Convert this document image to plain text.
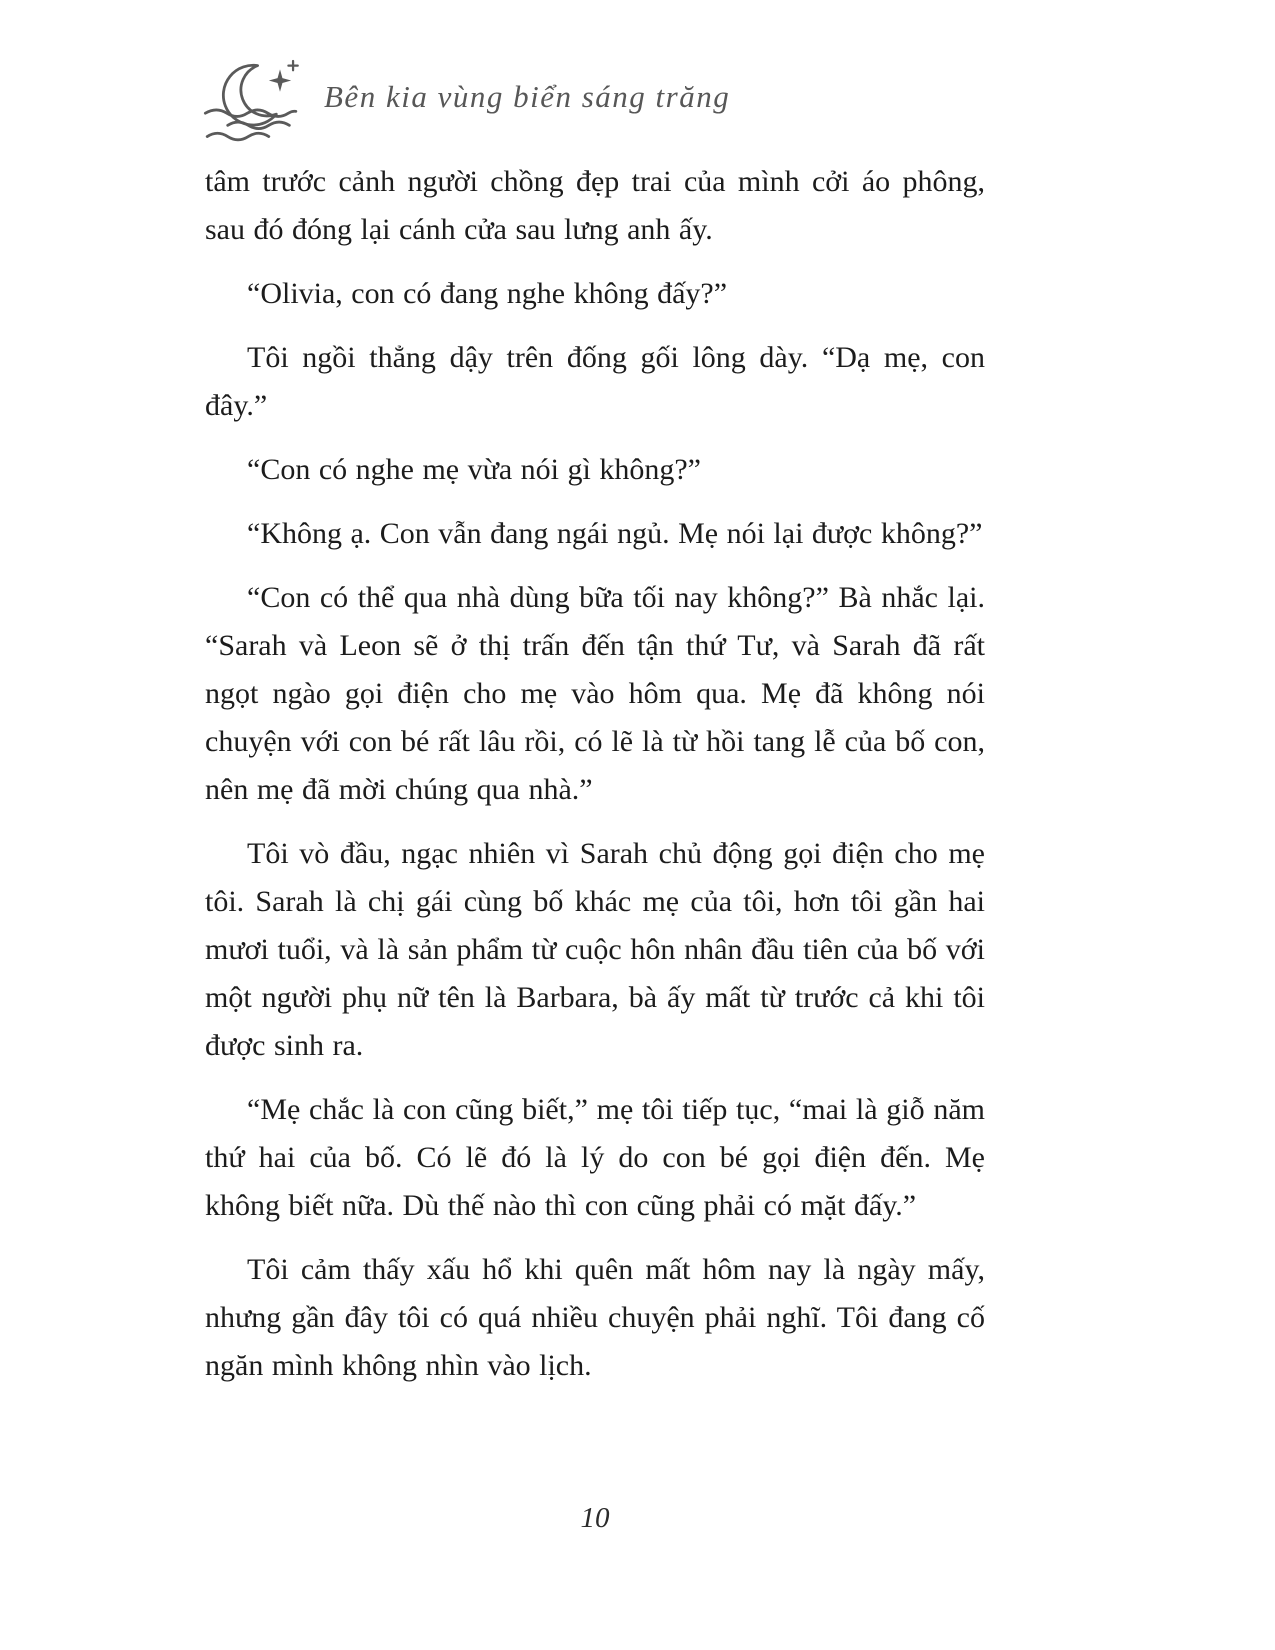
Bên kia vùng biển sáng trăng

tâm trước cảnh người chồng đẹp trai của mình cởi áo phông, sau đó đóng lại cánh cửa sau lưng anh ấy.

“Olivia, con có đang nghe không đấy?”

Tôi ngồi thẳng dậy trên đống gối lông dày. “Dạ mẹ, con đây.”

“Con có nghe mẹ vừa nói gì không?”

“Không ạ. Con vẫn đang ngái ngủ. Mẹ nói lại được không?”

“Con có thể qua nhà dùng bữa tối nay không?” Bà nhắc lại. “Sarah và Leon sẽ ở thị trấn đến tận thứ Tư, và Sarah đã rất ngọt ngào gọi điện cho mẹ vào hôm qua. Mẹ đã không nói chuyện với con bé rất lâu rồi, có lẽ là từ hồi tang lễ của bố con, nên mẹ đã mời chúng qua nhà.”

Tôi vò đầu, ngạc nhiên vì Sarah chủ động gọi điện cho mẹ tôi. Sarah là chị gái cùng bố khác mẹ của tôi, hơn tôi gần hai mươi tuổi, và là sản phẩm từ cuộc hôn nhân đầu tiên của bố với một người phụ nữ tên là Barbara, bà ấy mất từ trước cả khi tôi được sinh ra.

“Mẹ chắc là con cũng biết,” mẹ tôi tiếp tục, “mai là giỗ năm thứ hai của bố. Có lẽ đó là lý do con bé gọi điện đến. Mẹ không biết nữa. Dù thế nào thì con cũng phải có mặt đấy.”

Tôi cảm thấy xấu hổ khi quên mất hôm nay là ngày mấy, nhưng gần đây tôi có quá nhiều chuyện phải nghĩ. Tôi đang cố ngăn mình không nhìn vào lịch.

10
